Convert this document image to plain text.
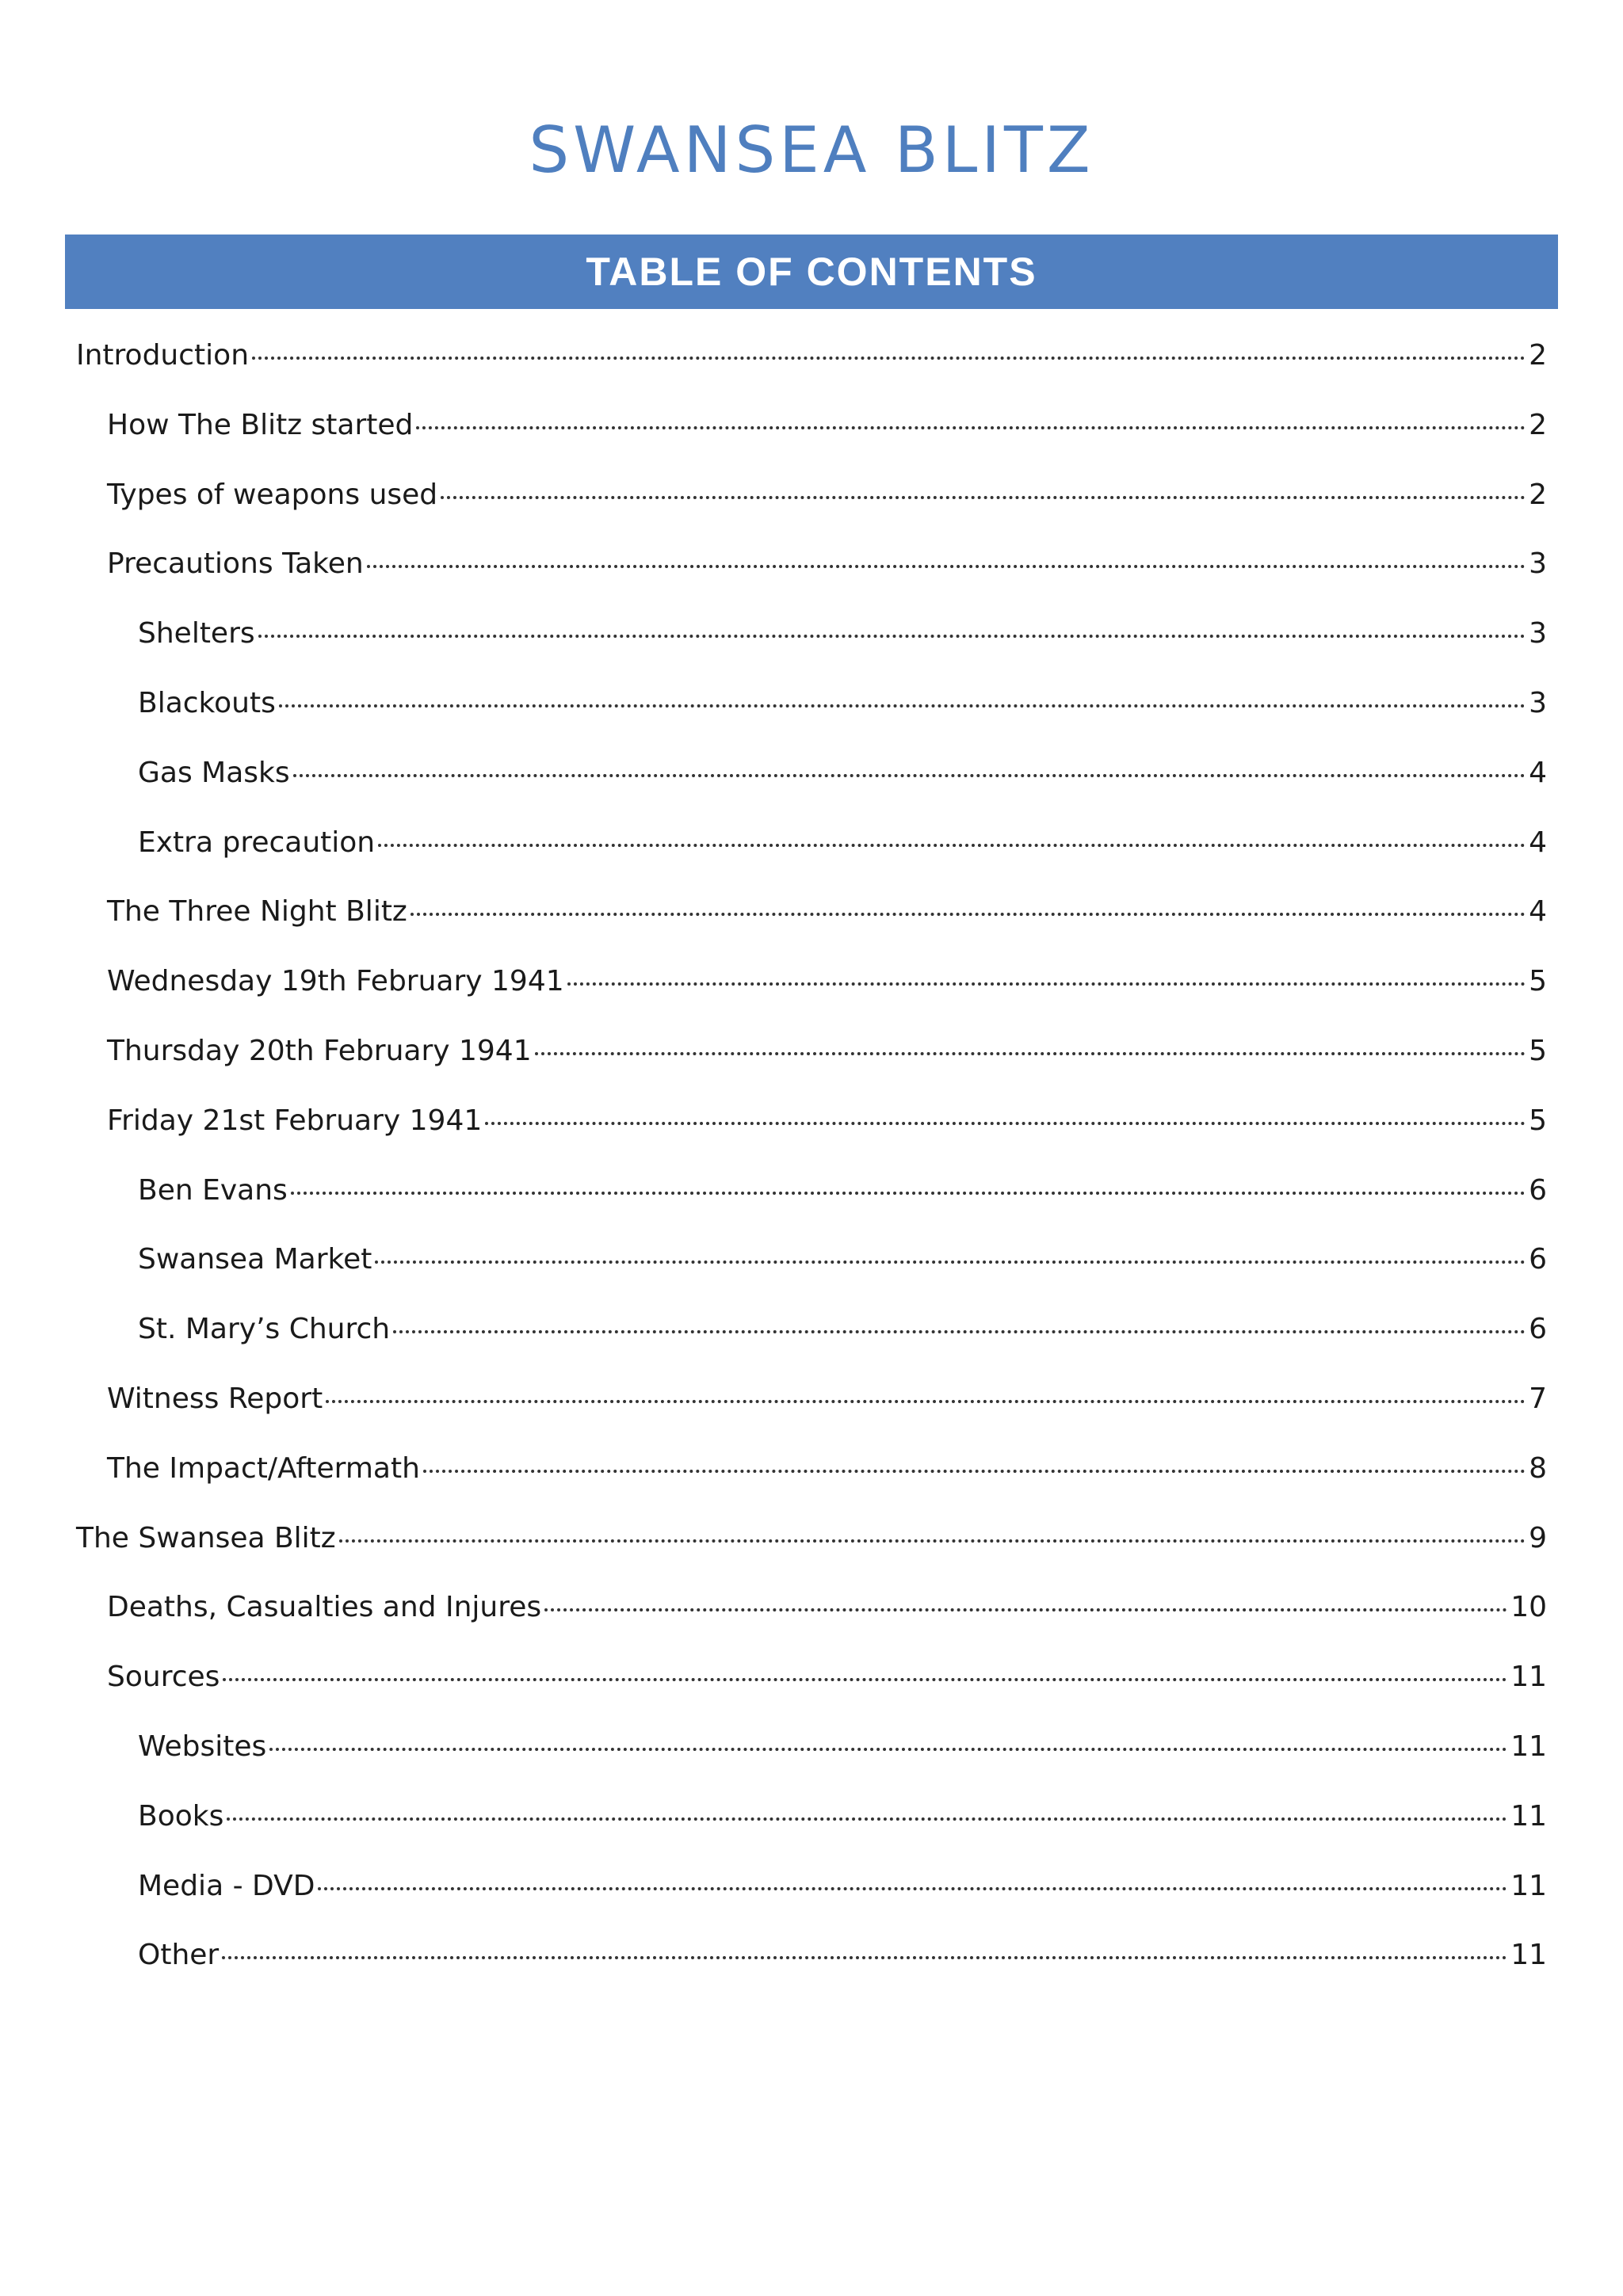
SWANSEA BLITZ
TABLE OF CONTENTS
Introduction	2
How The Blitz started	2
Types of weapons used	2
Precautions Taken	3
Shelters	3
Blackouts	3
Gas Masks	4
Extra precaution	4
The Three Night Blitz	4
Wednesday 19th February 1941	5
Thursday 20th February 1941	5
Friday 21st February 1941	5
Ben Evans	6
Swansea Market	6
St. Mary’s Church	6
Witness Report	7
The Impact/Aftermath	8
The Swansea Blitz	9
Deaths, Casualties and Injures	10
Sources	11
Websites	11
Books	11
Media - DVD	11
Other	11
